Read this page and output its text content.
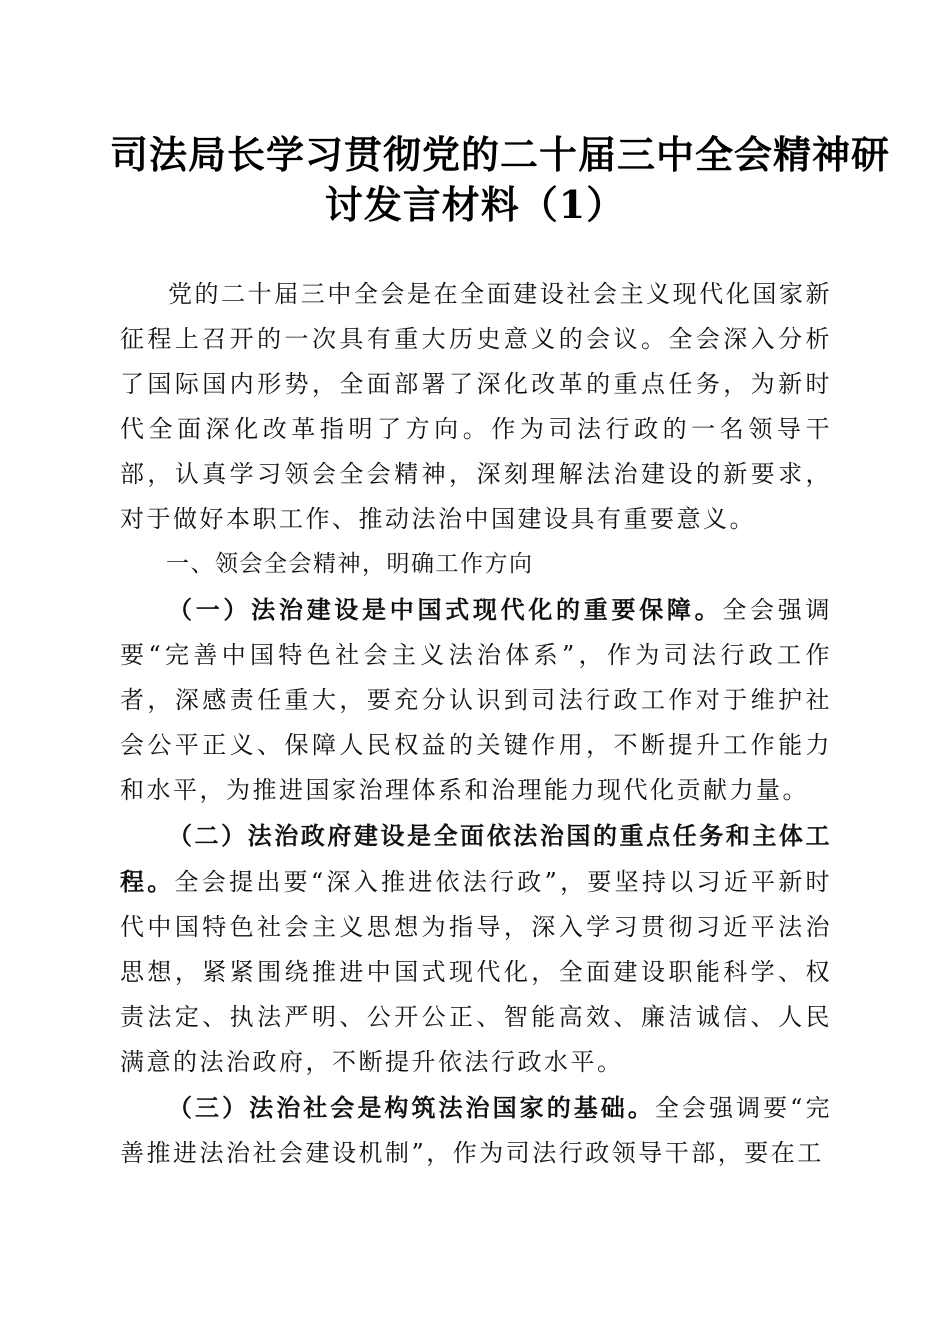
司法局长学习贯彻党的二十届三中全会精神研
讨发言材料（1）

党的二十届三中全会是在全面建设社会主义现代化国家新征程上召开的一次具有重大历史意义的会议。全会深入分析了国际国内形势，全面部署了深化改革的重点任务，为新时代全面深化改革指明了方向。作为司法行政的一名领导干部，认真学习领会全会精神，深刻理解法治建设的新要求，对于做好本职工作、推动法治中国建设具有重要意义。

一、领会全会精神，明确工作方向

（一）法治建设是中国式现代化的重要保障。全会强调要“完善中国特色社会主义法治体系”，作为司法行政工作者，深感责任重大，要充分认识到司法行政工作对于维护社会公平正义、保障人民权益的关键作用，不断提升工作能力和水平，为推进国家治理体系和治理能力现代化贡献力量。

（二）法治政府建设是全面依法治国的重点任务和主体工程。全会提出要“深入推进依法行政”，要坚持以习近平新时代中国特色社会主义思想为指导，深入学习贯彻习近平法治思想，紧紧围绕推进中国式现代化，全面建设职能科学、权责法定、执法严明、公开公正、智能高效、廉洁诚信、人民满意的法治政府，不断提升依法行政水平。

（三）法治社会是构筑法治国家的基础。全会强调要“完善推进法治社会建设机制”，作为司法行政领导干部，要在工
